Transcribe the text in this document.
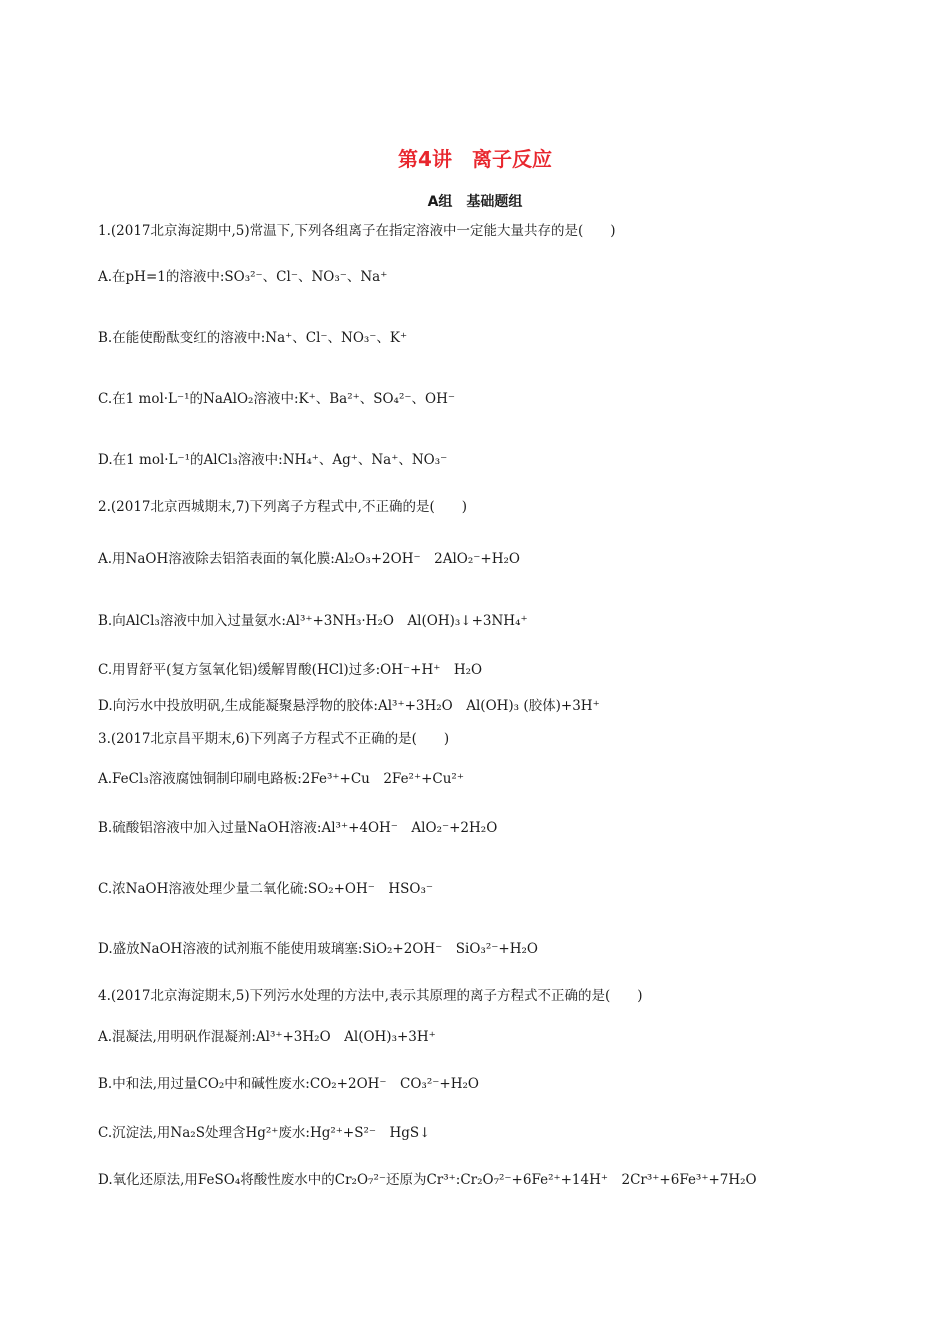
第4讲　离子反应
A组　基础题组
1.(2017北京海淀期中,5)常温下,下列各组离子在指定溶液中一定能大量共存的是(　　)
A.在pH=1的溶液中:SO₃²⁻、Cl⁻、NO₃⁻、Na⁺
B.在能使酚酞变红的溶液中:Na⁺、Cl⁻、NO₃⁻、K⁺
C.在1 mol·L⁻¹的NaAlO₂溶液中:K⁺、Ba²⁺、SO₄²⁻、OH⁻
D.在1 mol·L⁻¹的AlCl₃溶液中:NH₄⁺、Ag⁺、Na⁺、NO₃⁻
2.(2017北京西城期末,7)下列离子方程式中,不正确的是(　　)
A.用NaOH溶液除去铝箔表面的氧化膜:Al₂O₃+2OH⁻　2AlO₂⁻+H₂O
B.向AlCl₃溶液中加入过量氨水:Al³⁺+3NH₃·H₂O　Al(OH)₃↓+3NH₄⁺
C.用胃舒平(复方氢氧化铝)缓解胃酸(HCl)过多:OH⁻+H⁺　H₂O
D.向污水中投放明矾,生成能凝聚悬浮物的胶体:Al³⁺+3H₂O　Al(OH)₃ (胶体)+3H⁺
3.(2017北京昌平期末,6)下列离子方程式不正确的是(　　)
A.FeCl₃溶液腐蚀铜制印刷电路板:2Fe³⁺+Cu　2Fe²⁺+Cu²⁺
B.硫酸铝溶液中加入过量NaOH溶液:Al³⁺+4OH⁻　AlO₂⁻+2H₂O
C.浓NaOH溶液处理少量二氧化硫:SO₂+OH⁻　HSO₃⁻
D.盛放NaOH溶液的试剂瓶不能使用玻璃塞:SiO₂+2OH⁻　SiO₃²⁻+H₂O
4.(2017北京海淀期末,5)下列污水处理的方法中,表示其原理的离子方程式不正确的是(　　)
A.混凝法,用明矾作混凝剂:Al³⁺+3H₂O　Al(OH)₃+3H⁺
B.中和法,用过量CO₂中和碱性废水:CO₂+2OH⁻　CO₃²⁻+H₂O
C.沉淀法,用Na₂S处理含Hg²⁺废水:Hg²⁺+S²⁻　HgS↓
D.氧化还原法,用FeSO₄将酸性废水中的Cr₂O₇²⁻还原为Cr³⁺:Cr₂O₇²⁻+6Fe²⁺+14H⁺　2Cr³⁺+6Fe³⁺+7H₂O
